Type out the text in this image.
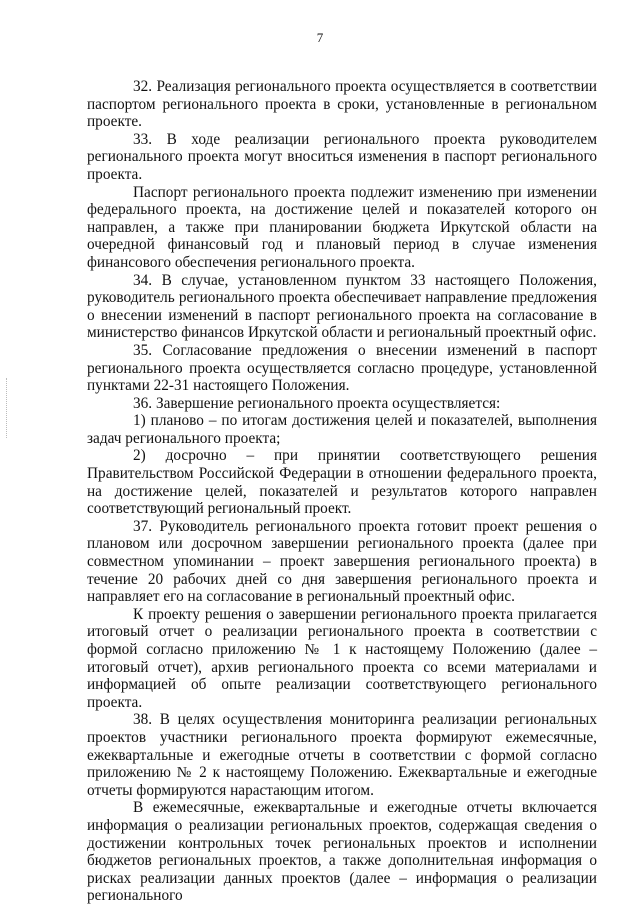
7

32. Реализация регионального проекта осуществляется в соответствии паспортом регионального проекта в сроки, установленные в региональном проекте.

33. В ходе реализации регионального проекта руководителем регионального проекта могут вноситься изменения в паспорт регионального проекта.

Паспорт регионального проекта подлежит изменению при изменении федерального проекта, на достижение целей и показателей которого он направлен, а также при планировании бюджета Иркутской области на очередной финансовый год и плановый период в случае изменения финансового обеспечения регионального проекта.

34. В случае, установленном пунктом 33 настоящего Положения, руководитель регионального проекта обеспечивает направление предложения о внесении изменений в паспорт регионального проекта на согласование в министерство финансов Иркутской области и региональный проектный офис.

35. Согласование предложения о внесении изменений в паспорт регионального проекта осуществляется согласно процедуре, установленной пунктами 22-31 настоящего Положения.

36. Завершение регионального проекта осуществляется:

1) планово – по итогам достижения целей и показателей, выполнения задач регионального проекта;

2) досрочно – при принятии соответствующего решения Правительством Российской Федерации в отношении федерального проекта, на достижение целей, показателей и результатов которого направлен соответствующий региональный проект.

37. Руководитель регионального проекта готовит проект решения о плановом или досрочном завершении регионального проекта (далее при совместном упоминании – проект завершения регионального проекта) в течение 20 рабочих дней со дня завершения регионального проекта и направляет его на согласование в региональный проектный офис.

К проекту решения о завершении регионального проекта прилагается итоговый отчет о реализации регионального проекта в соответствии с формой согласно приложению № 1 к настоящему Положению (далее – итоговый отчет), архив регионального проекта со всеми материалами и информацией об опыте реализации соответствующего регионального проекта.

38. В целях осуществления мониторинга реализации региональных проектов участники регионального проекта формируют ежемесячные, ежеквартальные и ежегодные отчеты в соответствии с формой согласно приложению № 2 к настоящему Положению. Ежеквартальные и ежегодные отчеты формируются нарастающим итогом.

В ежемесячные, ежеквартальные и ежегодные отчеты включается информация о реализации региональных проектов, содержащая сведения о достижении контрольных точек региональных проектов и исполнении бюджетов региональных проектов, а также дополнительная информация о рисках реализации данных проектов (далее – информация о реализации регионального
